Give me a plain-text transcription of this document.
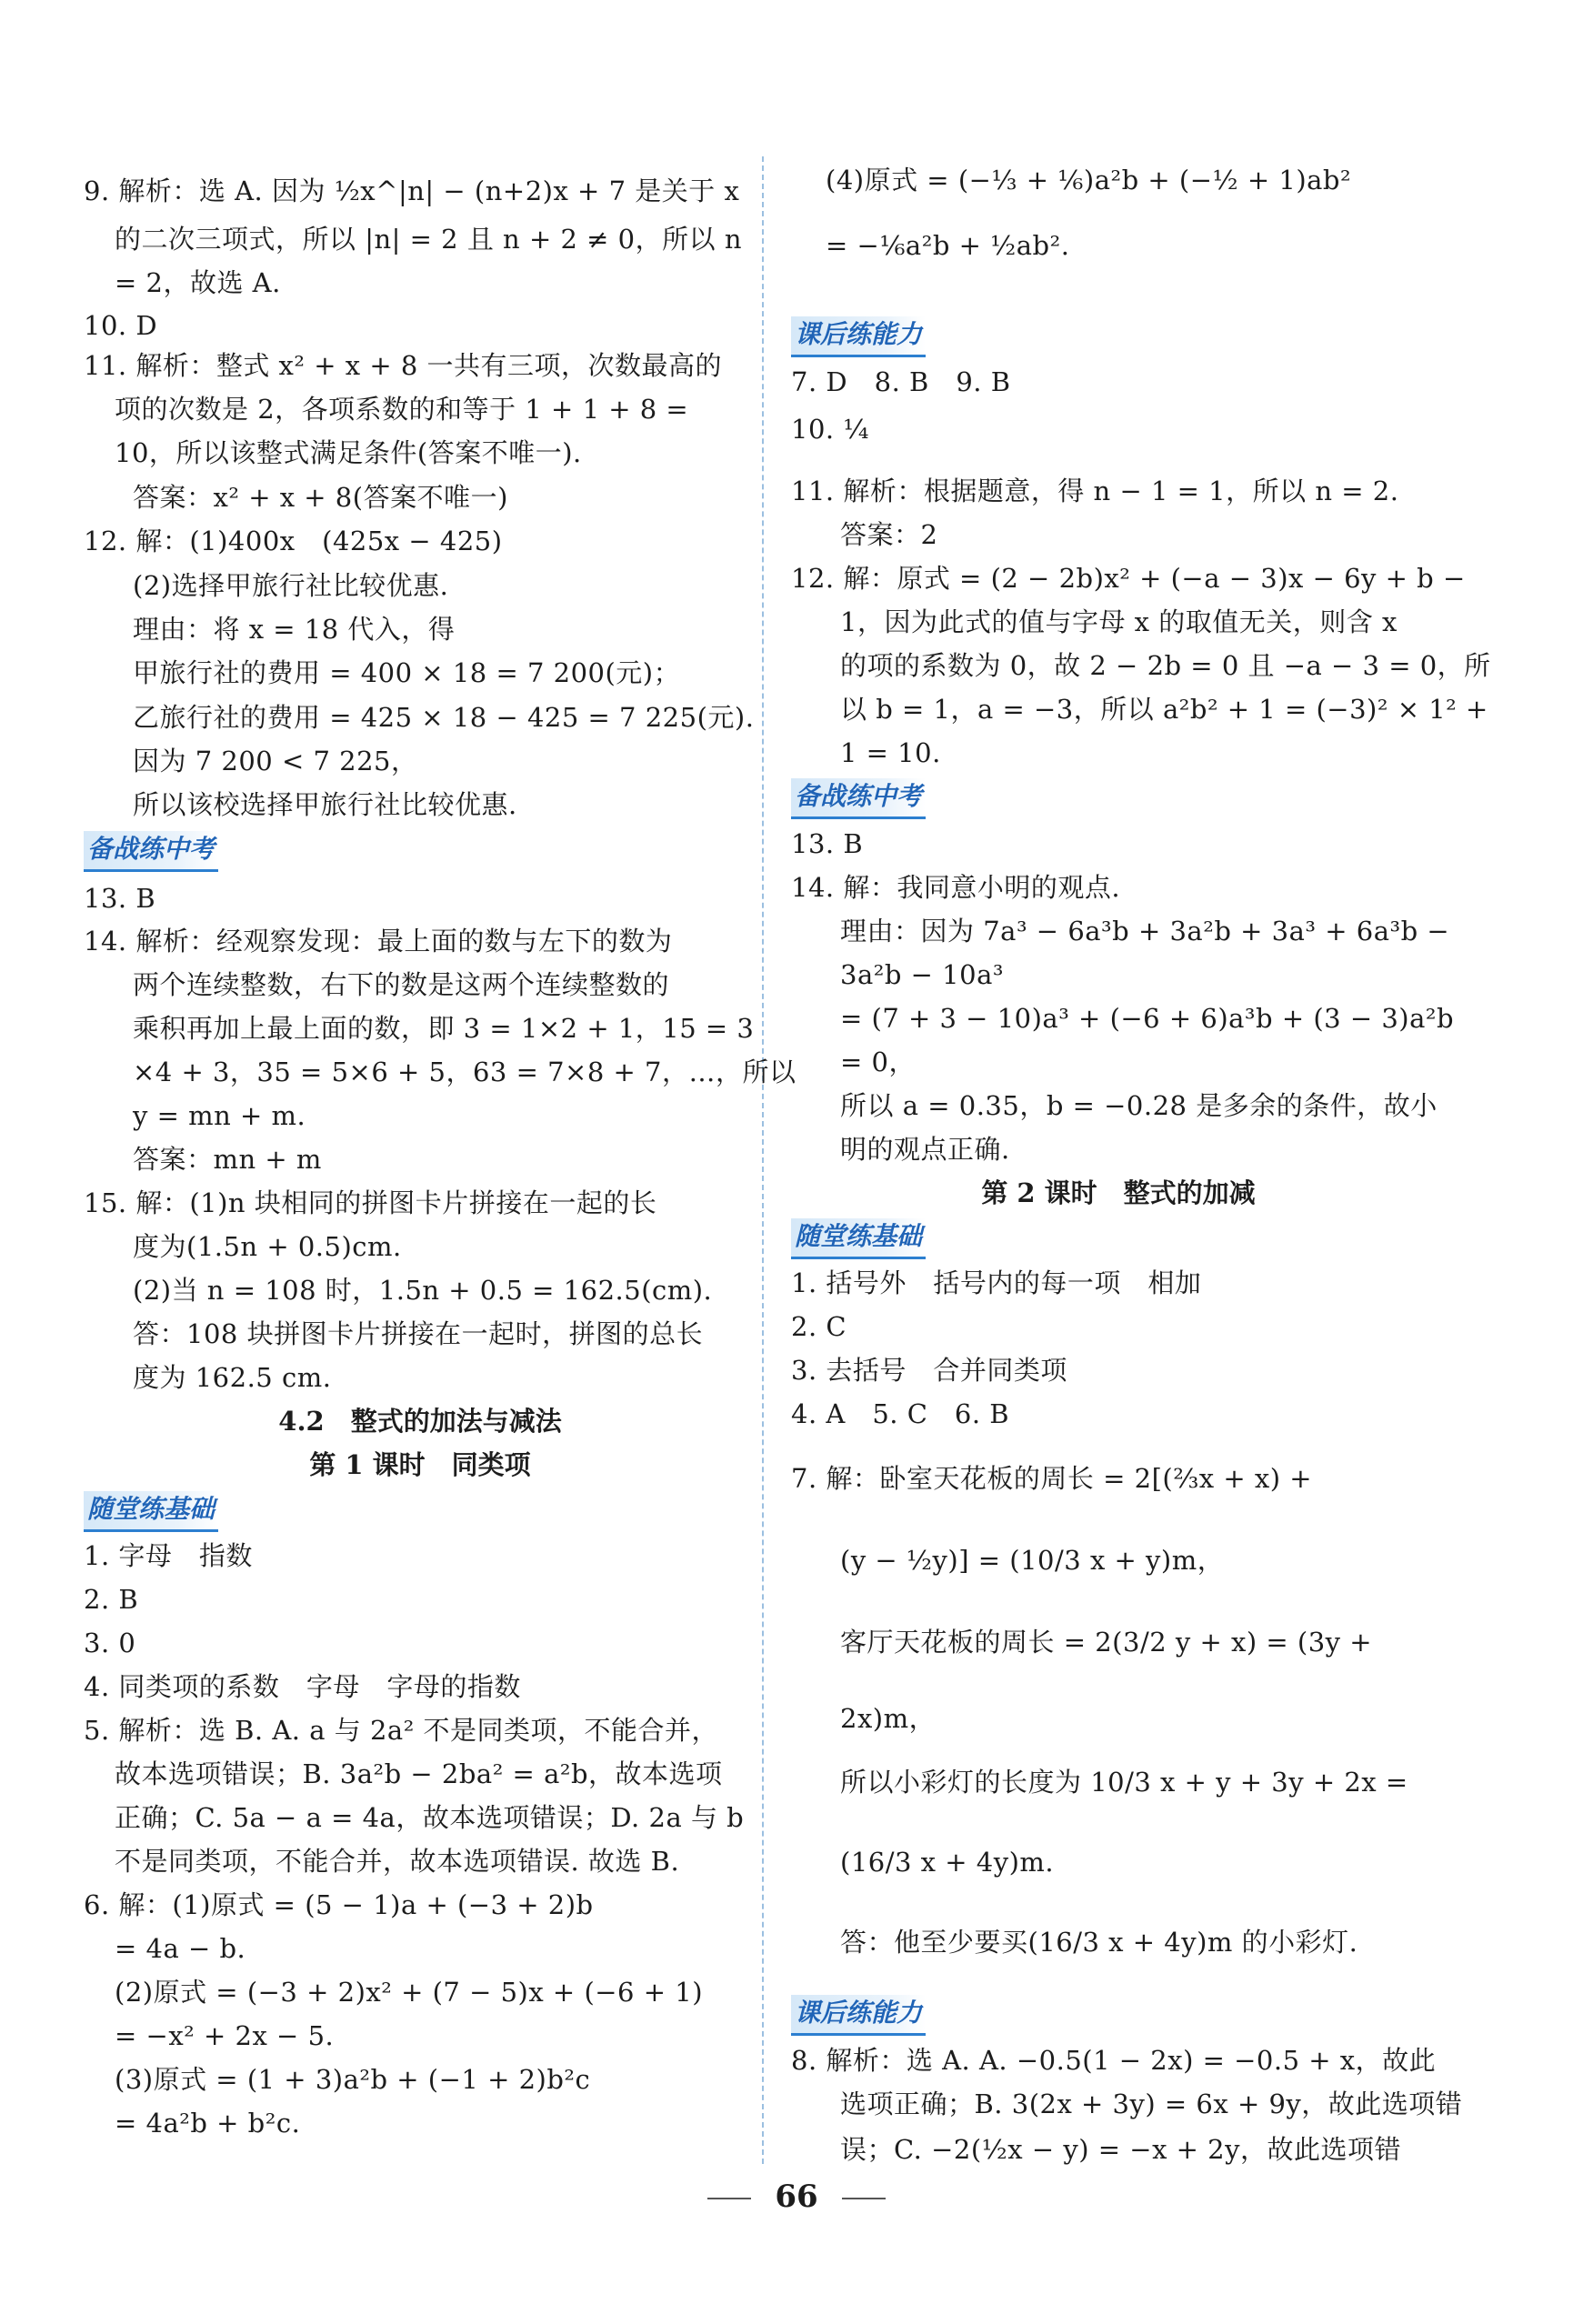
9. 解析：选 A. 因为 ½x^|n| − (n+2)x + 7 是关于 x
的二次三项式，所以 |n| = 2 且 n + 2 ≠ 0，所以 n
= 2，故选 A.
10. D
11. 解析：整式 x² + x + 8 一共有三项，次数最高的
项的次数是 2，各项系数的和等于 1 + 1 + 8 =
10，所以该整式满足条件(答案不唯一).
答案：x² + x + 8(答案不唯一)
12. 解：(1)400x　(425x − 425)
(2)选择甲旅行社比较优惠.
理由：将 x = 18 代入，得
甲旅行社的费用 = 400 × 18 = 7 200(元)；
乙旅行社的费用 = 425 × 18 − 425 = 7 225(元).
因为 7 200 < 7 225，
所以该校选择甲旅行社比较优惠.
备战练中考
13. B
14. 解析：经观察发现：最上面的数与左下的数为
两个连续整数，右下的数是这两个连续整数的
乘积再加上最上面的数，即 3 = 1×2 + 1，15 = 3
×4 + 3，35 = 5×6 + 5，63 = 7×8 + 7，…，所以
y = mn + m.
答案：mn + m
15. 解：(1)n 块相同的拼图卡片拼接在一起的长
度为(1.5n + 0.5)cm.
(2)当 n = 108 时，1.5n + 0.5 = 162.5(cm).
答：108 块拼图卡片拼接在一起时，拼图的总长
度为 162.5 cm.
4.2　整式的加法与减法
第 1 课时　同类项
随堂练基础
1. 字母　指数
2. B
3. 0
4. 同类项的系数　字母　字母的指数
5. 解析：选 B. A. a 与 2a² 不是同类项，不能合并，
故本选项错误；B. 3a²b − 2ba² = a²b，故本选项
正确；C. 5a − a = 4a，故本选项错误；D. 2a 与 b
不是同类项，不能合并，故本选项错误. 故选 B.
6. 解：(1)原式 = (5 − 1)a + (−3 + 2)b
= 4a − b.
(2)原式 = (−3 + 2)x² + (7 − 5)x + (−6 + 1)
= −x² + 2x − 5.
(3)原式 = (1 + 3)a²b + (−1 + 2)b²c
= 4a²b + b²c.
(4)原式 = (−⅓ + ⅙)a²b + (−½ + 1)ab²
= −⅙a²b + ½ab².
课后练能力
7. D　8. B　9. B
10. ¼
11. 解析：根据题意，得 n − 1 = 1，所以 n = 2.
答案：2
12. 解：原式 = (2 − 2b)x² + (−a − 3)x − 6y + b −
1，因为此式的值与字母 x 的取值无关，则含 x
的项的系数为 0，故 2 − 2b = 0 且 −a − 3 = 0，所
以 b = 1，a = −3，所以 a²b² + 1 = (−3)² × 1² +
1 = 10.
备战练中考
13. B
14. 解：我同意小明的观点.
理由：因为 7a³ − 6a³b + 3a²b + 3a³ + 6a³b −
3a²b − 10a³
= (7 + 3 − 10)a³ + (−6 + 6)a³b + (3 − 3)a²b
= 0，
所以 a = 0.35，b = −0.28 是多余的条件，故小
明的观点正确.
第 2 课时　整式的加减
随堂练基础
1. 括号外　括号内的每一项　相加
2. C
3. 去括号　合并同类项
4. A　5. C　6. B
7. 解：卧室天花板的周长 = 2[(⅔x + x) +
(y − ½y)] = (10/3 x + y)m，
客厅天花板的周长 = 2(3/2 y + x) = (3y +
2x)m，
所以小彩灯的长度为 10/3 x + y + 3y + 2x =
(16/3 x + 4y)m.
答：他至少要买(16/3 x + 4y)m 的小彩灯.
课后练能力
8. 解析：选 A. A. −0.5(1 − 2x) = −0.5 + x，故此
选项正确；B. 3(2x + 3y) = 6x + 9y，故此选项错
误；C. −2(½x − y) = −x + 2y，故此选项错
66
